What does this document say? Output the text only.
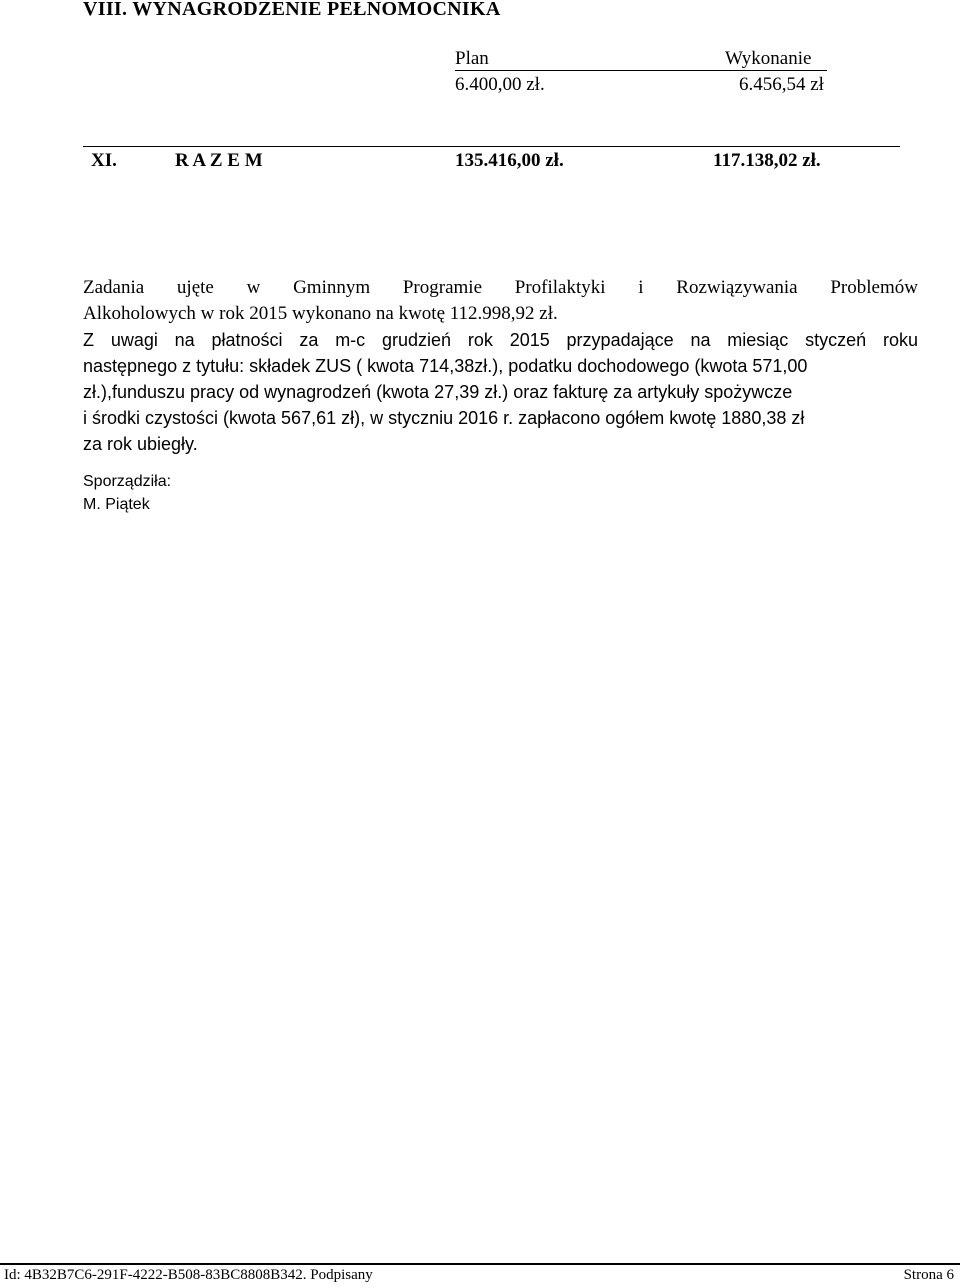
VIII. WYNAGRODZENIE PEŁNOMOCNIKA
Plan	Wykonanie
6.400,00 zł.	6.456,54 zł
XI.	R A Z E M	135.416,00 zł.	117.138,02 zł.
Zadania ujęte w Gminnym Programie Profilaktyki i Rozwiązywania Problemów
Alkoholowych w rok 2015 wykonano na kwotę 112.998,92 zł.
Z uwagi na płatności za m-c grudzień rok 2015 przypadające na miesiąc styczeń roku
następnego z tytułu: składek ZUS ( kwota 714,38zł.), podatku dochodowego (kwota 571,00
zł.),funduszu pracy od wynagrodzeń (kwota 27,39 zł.) oraz fakturę za artykuły spożywcze
i środki czystości (kwota 567,61 zł), w styczniu 2016 r. zapłacono ogółem kwotę 1880,38 zł
za rok ubiegły.
Sporządziła:
M. Piątek
Id: 4B32B7C6-291F-4222-B508-83BC8808B342. Podpisany	Strona 6
